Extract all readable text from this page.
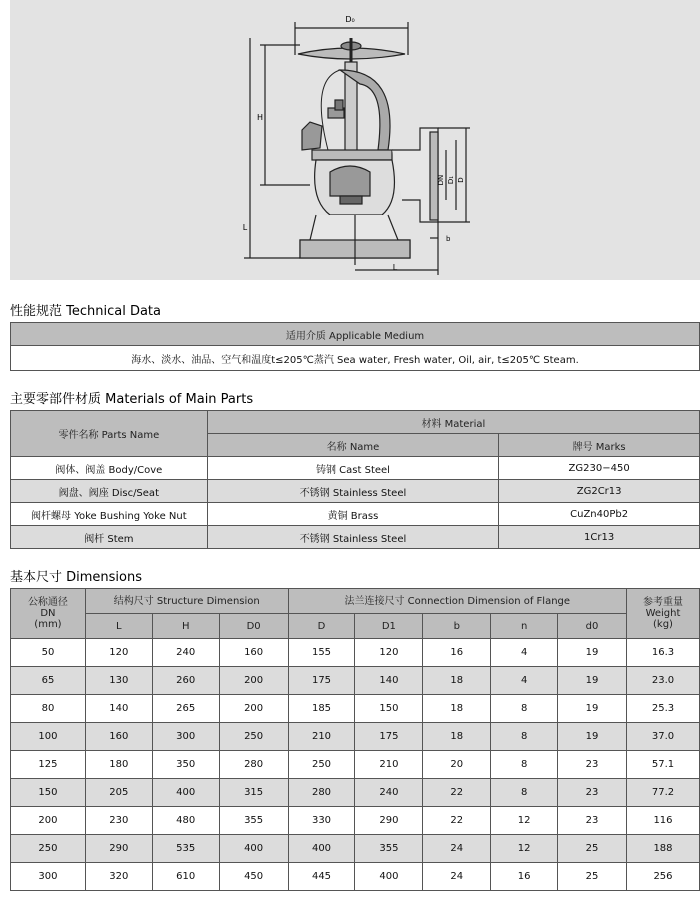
D₀
H
L
L
DN D₁ D
b
性能规范 Technical Data
适用介质 Applicable Medium
海水、淡水、油品、空气和温度t≤205℃蒸汽 Sea water, Fresh water, Oil, air, t≤205℃ Steam.
主要零部件材质 Materials of Main Parts
零件名称 Parts Name	材料 Material	
	名称 Name	牌号 Marks
阀体、阀盖 Body/Cove	铸钢 Cast Steel	ZG230−450
阀盘、阀座 Disc/Seat	不锈钢 Stainless Steel	ZG2Cr13
阀杆螺母 Yoke Bushing Yoke Nut	黄铜 Brass	CuZn40Pb2
阀杆 Stem	不锈钢 Stainless Steel	1Cr13
基本尺寸 Dimensions
公称通径
DN
(mm)	结构尺寸 Structure Dimension			法兰连接尺寸 Connection Dimension of Flange					参考重量
Weight
(kg)
	L	H	D0	D	D1	b	n	d0	
50	120	240	160	155	120	16	4	19	16.3
65	130	260	200	175	140	18	4	19	23.0
80	140	265	200	185	150	18	8	19	25.3
100	160	300	250	210	175	18	8	19	37.0
125	180	350	280	250	210	20	8	23	57.1
150	205	400	315	280	240	22	8	23	77.2
200	230	480	355	330	290	22	12	23	116
250	290	535	400	400	355	24	12	25	188
300	320	610	450	445	400	24	16	25	256
